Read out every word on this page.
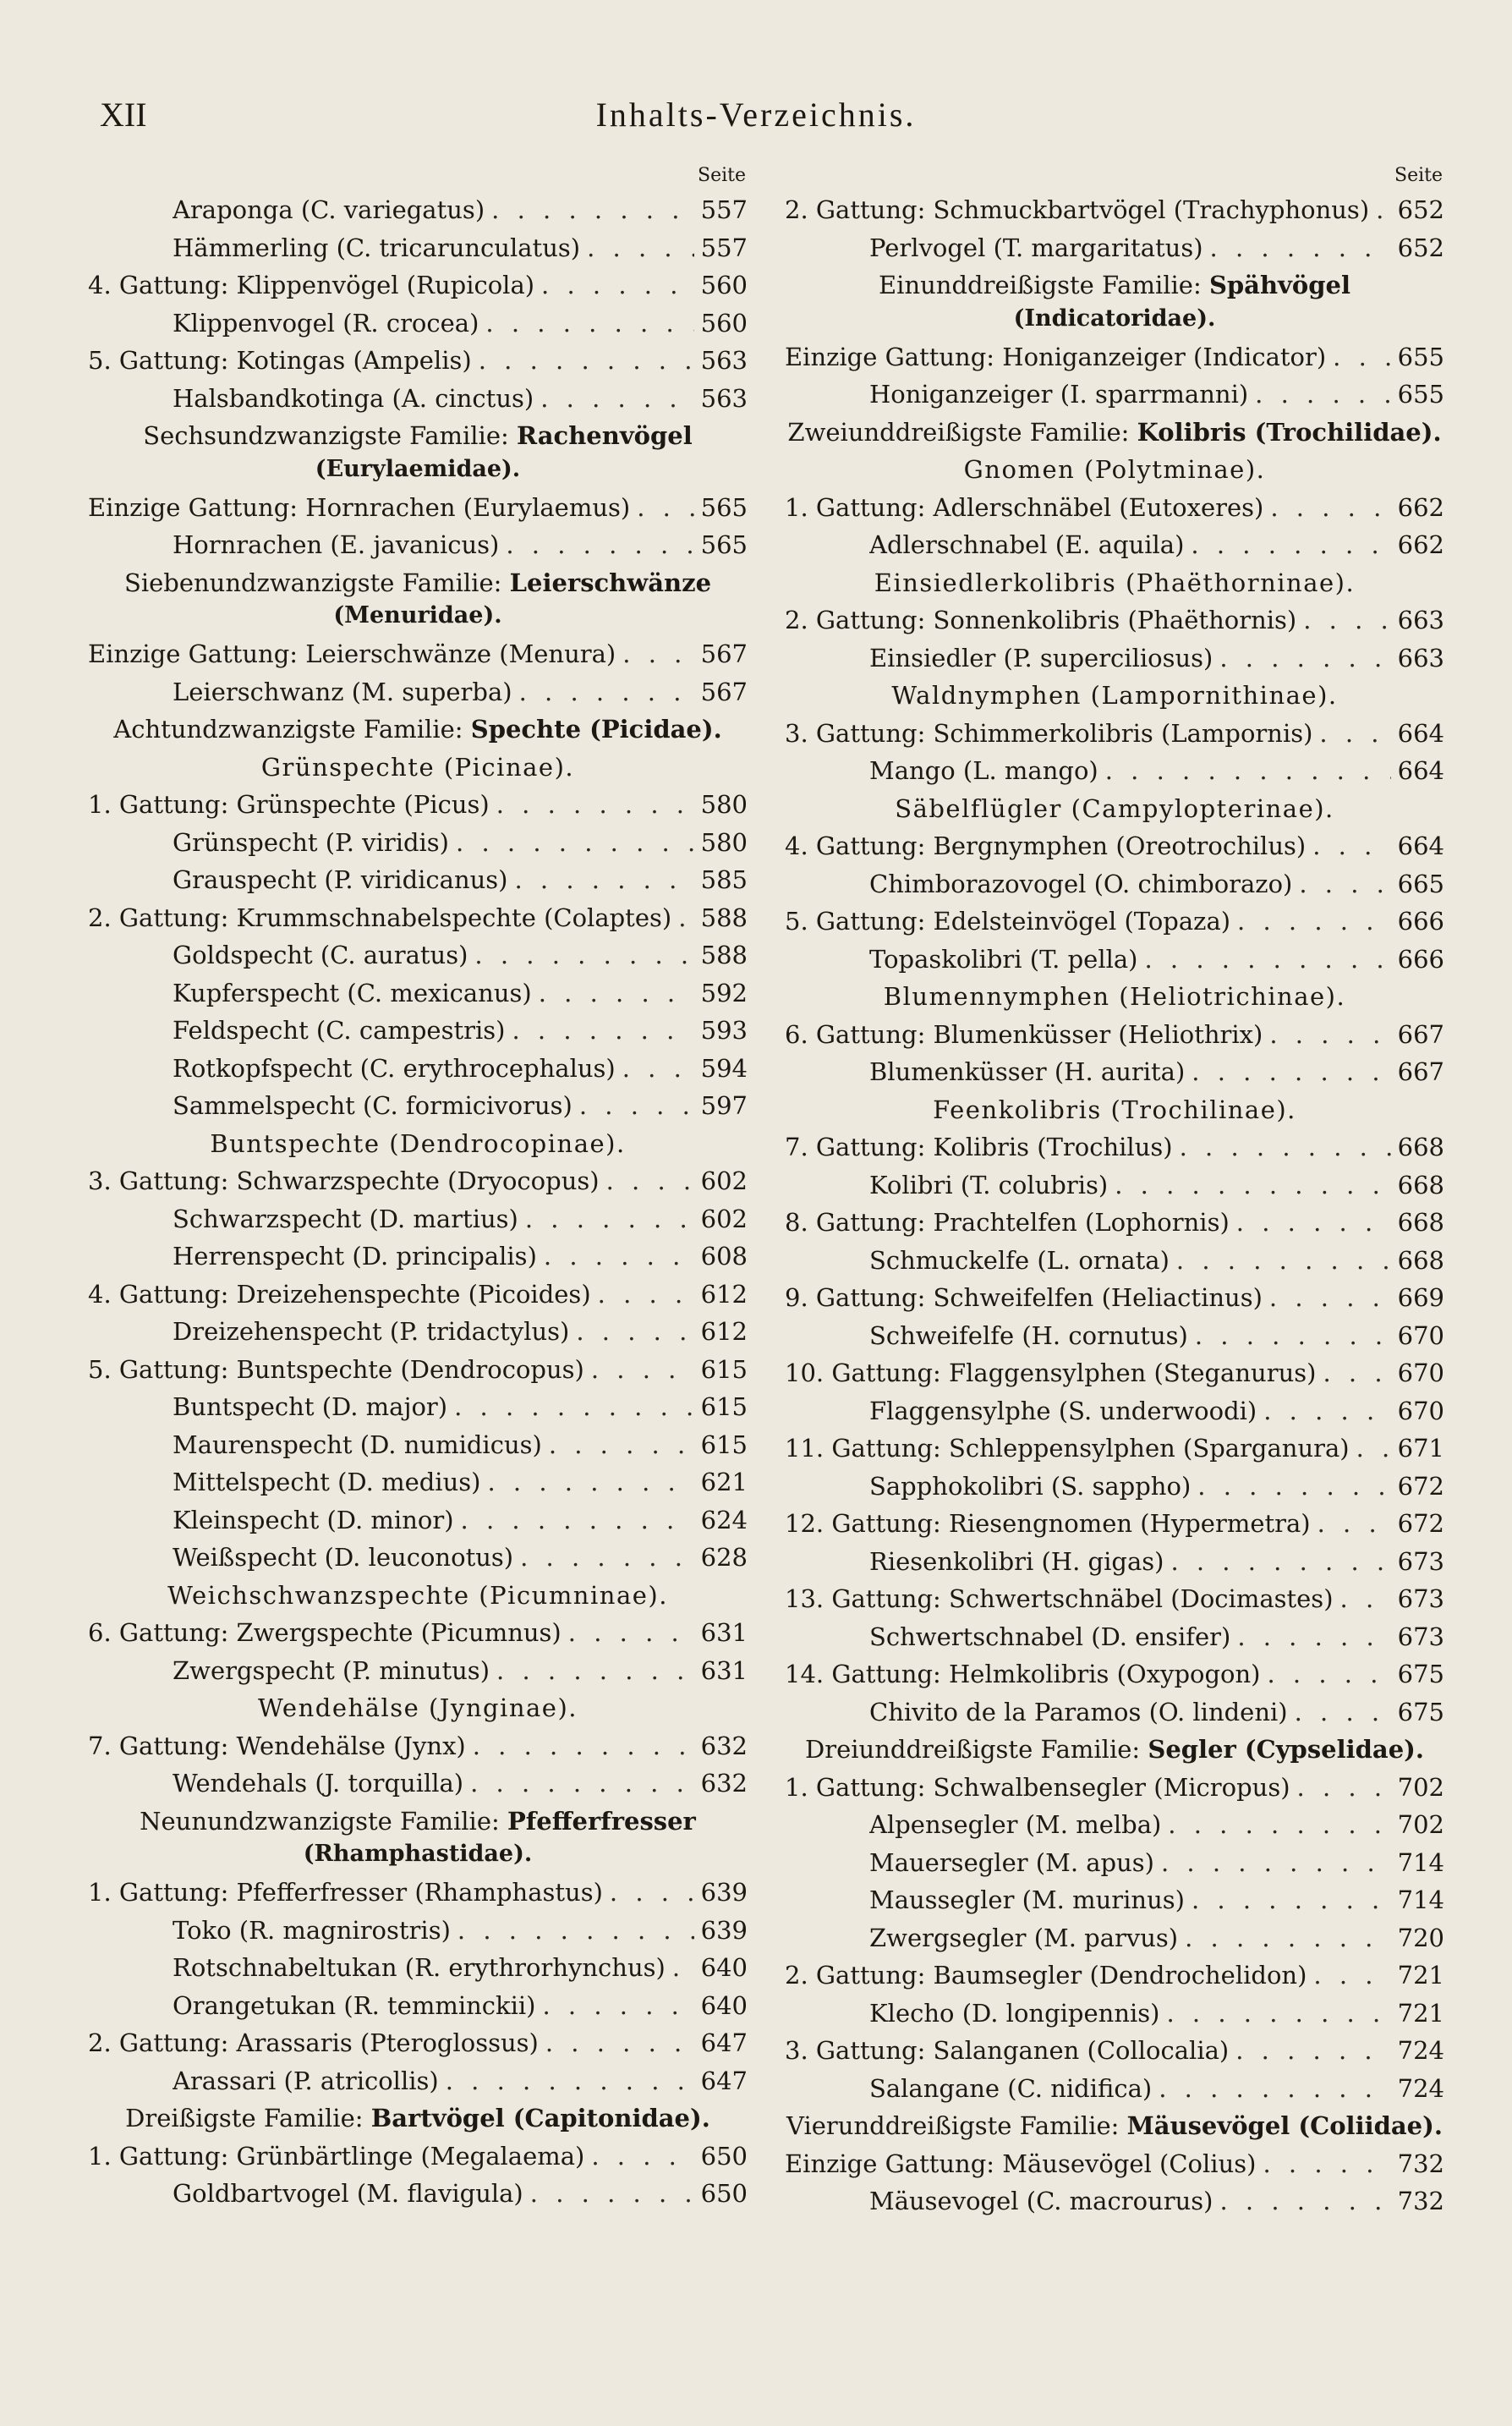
XII	Inhalts-Verzeichnis.
Seite
Araponga (C. variegatus) . . .	557
Hämmerling (C. tricarunculatus) . . .	557
4. Gattung: Klippenvögel (Rupicola) . . .	560
Klippenvogel (R. crocea) . . .	560
5. Gattung: Kotingas (Ampelis) . . .	563
Halsbandkotinga (A. cinctus) . . .	563
Sechsundzwanzigste Familie: Rachenvögel
(Eurylaemidae).
Einzige Gattung: Hornrachen (Eurylaemus) . . .	565
Hornrachen (E. javanicus) . . .	565
Siebenundzwanzigste Familie: Leierschwänze
(Menuridae).
Einzige Gattung: Leierschwänze (Menura) . . .	567
Leierschwanz (M. superba) . . .	567
Achtundzwanzigste Familie: Spechte (Picidae).
Grünspechte (Picinae).
1. Gattung: Grünspechte (Picus) . . .	580
Grünspecht (P. viridis) . . .	580
Grauspecht (P. viridicanus) . . .	585
2. Gattung: Krummschnabelspechte (Colaptes) . . . 588
Goldspecht (C. auratus) . . .	588
Kupferspecht (C. mexicanus) . . .	592
Feldspecht (C. campestris) . . .	593
Rotkopfspecht (C. erythrocephalus) . . .	594
Sammelspecht (C. formicivorus) . . .	597
Buntspechte (Dendrocopinae).
3. Gattung: Schwarzspechte (Dryocopus) . . .	602
Schwarzspecht (D. martius) . . .	602
Herrenspecht (D. principalis) . . .	608
4. Gattung: Dreizehenspechte (Picoides) . . .	612
Dreizehenspecht (P. tridactylus) . . .	612
5. Gattung: Buntspechte (Dendrocopus) . . .	615
Buntspecht (D. major) . . .	615
Maurenspecht (D. numidicus) . . .	615
Mittelspecht (D. medius) . . .	621
Kleinspecht (D. minor) . . .	624
Weißspecht (D. leuconotus) . . .	628
Weichschwanzspechte (Picumninae).
6. Gattung: Zwergspechte (Picumnus) . . .	631
Zwergspecht (P. minutus) . . .	631
Wendehälse (Jynginae).
7. Gattung: Wendehälse (Jynx) . . .	632
Wendehals (J. torquilla) . . .	632
Neunundzwanzigste Familie: Pfefferfresser
(Rhamphastidae).
1. Gattung: Pfefferfresser (Rhamphastus) . . .	639
Toko (R. magnirostris) . . .	639
Rotschnabeltukan (R. erythrorhynchus) . . . 640
Orangetukan (R. temminckii) . . .	640
2. Gattung: Arassaris (Pteroglossus) . . .	647
Arassari (P. atricollis) . . .	647
Dreißigste Familie: Bartvögel (Capitonidae).
1. Gattung: Grünbärtlinge (Megalaema) . . .	650
Goldbartvogel (M. flavigula) . . .	650
Seite
2. Gattung: Schmuckbartvögel (Trachyphonus) . . . 652
Perlvogel (T. margaritatus) . . .	652
Einunddreißigste Familie: Spähvögel
(Indicatoridae).
Einzige Gattung: Honiganzeiger (Indicator) . . .	655
Honiganzeiger (I. sparrmanni) . . .	655
Zweiunddreißigste Familie: Kolibris (Trochilidae).
Gnomen (Polytminae).
1. Gattung: Adlerschnäbel (Eutoxeres) . . .	662
Adlerschnabel (E. aquila) . . .	662
Einsiedlerkolibris (Phaëthorninae).
2. Gattung: Sonnenkolibris (Phaëthornis) . . .	663
Einsiedler (P. superciliosus) . . .	663
Waldnymphen (Lampornithinae).
3. Gattung: Schimmerkolibris (Lampornis) . . .	664
Mango (L. mango) . . .	664
Säbelflügler (Campylopterinae).
4. Gattung: Bergnymphen (Oreotrochilus) . . .	664
Chimborazovogel (O. chimborazo) . . .	665
5. Gattung: Edelsteinvögel (Topaza) . . .	666
Topaskolibri (T. pella) . . .	666
Blumennymphen (Heliotrichinae).
6. Gattung: Blumenküsser (Heliothrix) . . .	667
Blumenküsser (H. aurita) . . .	667
Feenkolibris (Trochilinae).
7. Gattung: Kolibris (Trochilus) . . .	668
Kolibri (T. colubris) . . .	668
8. Gattung: Prachtelfen (Lophornis) . . .	668
Schmuckelfe (L. ornata) . . .	668
9. Gattung: Schweifelfen (Heliactinus) . . .	669
Schweifelfe (H. cornutus) . . .	670
10. Gattung: Flaggensylphen (Steganurus) . . .	670
Flaggensylphe (S. underwoodi) . . .	670
11. Gattung: Schleppensylphen (Sparganura) . . . 671
Sapphokolibri (S. sappho) . . .	672
12. Gattung: Riesengnomen (Hypermetra) . . .	672
Riesenkolibri (H. gigas) . . .	673
13. Gattung: Schwertschnäbel (Docimastes) . . .	673
Schwertschnabel (D. ensifer) . . .	673
14. Gattung: Helmkolibris (Oxypogon) . . .	675
Chivito de la Paramos (O. lindeni) . . .	675
Dreiunddreißigste Familie: Segler (Cypselidae).
1. Gattung: Schwalbensegler (Micropus) . . .	702
Alpensegler (M. melba) . . .	702
Mauersegler (M. apus) . . .	714
Maussegler (M. murinus) . . .	714
Zwergsegler (M. parvus) . . .	720
2. Gattung: Baumsegler (Dendrochelidon) . . .	721
Klecho (D. longipennis) . . .	721
3. Gattung: Salanganen (Collocalia) . . .	724
Salangane (C. nidifica) . . .	724
Vierunddreißigste Familie: Mäusevögel (Coliidae).
Einzige Gattung: Mäusevögel (Colius) . . .	732
Mäusevogel (C. macrourus) . . .	732
